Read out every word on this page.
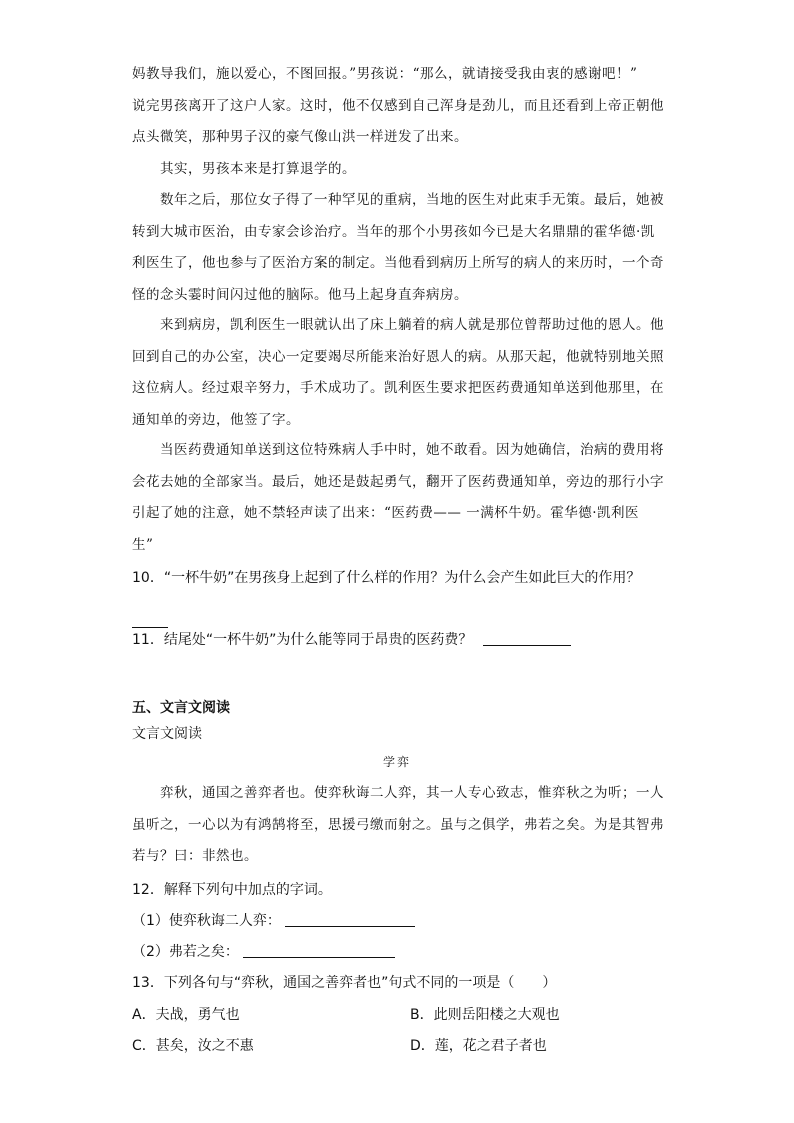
妈教导我们，施以爱心，不图回报。”男孩说：“那么，就请接受我由衷的感谢吧！”
说完男孩离开了这户人家。这时，他不仅感到自己浑身是劲儿，而且还看到上帝正朝他
点头微笑，那种男子汉的豪气像山洪一样迸发了出来。
其实，男孩本来是打算退学的。
数年之后，那位女子得了一种罕见的重病，当地的医生对此束手无策。最后，她被
转到大城市医治，由专家会诊治疗。当年的那个小男孩如今已是大名鼎鼎的霍华德·凯
利医生了，他也参与了医治方案的制定。当他看到病历上所写的病人的来历时，一个奇
怪的念头霎时间闪过他的脑际。他马上起身直奔病房。
来到病房，凯利医生一眼就认出了床上躺着的病人就是那位曾帮助过他的恩人。他
回到自己的办公室，决心一定要竭尽所能来治好恩人的病。从那天起，他就特别地关照
这位病人。经过艰辛努力，手术成功了。凯利医生要求把医药费通知单送到他那里，在
通知单的旁边，他签了字。
当医药费通知单送到这位特殊病人手中时，她不敢看。因为她确信，治病的费用将
会花去她的全部家当。最后，她还是鼓起勇气，翻开了医药费通知单，旁边的那行小字
引起了她的注意，她不禁轻声读了出来：“医药费—— 一满杯牛奶。霍华德·凯利医
生”
10．“一杯牛奶”在男孩身上起到了什么样的作用？为什么会产生如此巨大的作用？
11．结尾处“一杯牛奶”为什么能等同于昂贵的医药费？
五、文言文阅读
文言文阅读
学弈
弈秋，通国之善弈者也。使弈秋诲二人弈，其一人专心致志，惟弈秋之为听；一人
虽听之，一心以为有鸿鹄将至，思援弓缴而射之。虽与之俱学，弗若之矣。为是其智弗
若与？曰：非然也。
12．解释下列句中加点的字词。
（1）使弈秋诲二人弈：
（2）弗若之矣：
13．下列各句与“弈秋，通国之善弈者也”句式不同的一项是（　　）
A．夫战，勇气也	B．此则岳阳楼之大观也
C．甚矣，汝之不惠	D．莲，花之君子者也
